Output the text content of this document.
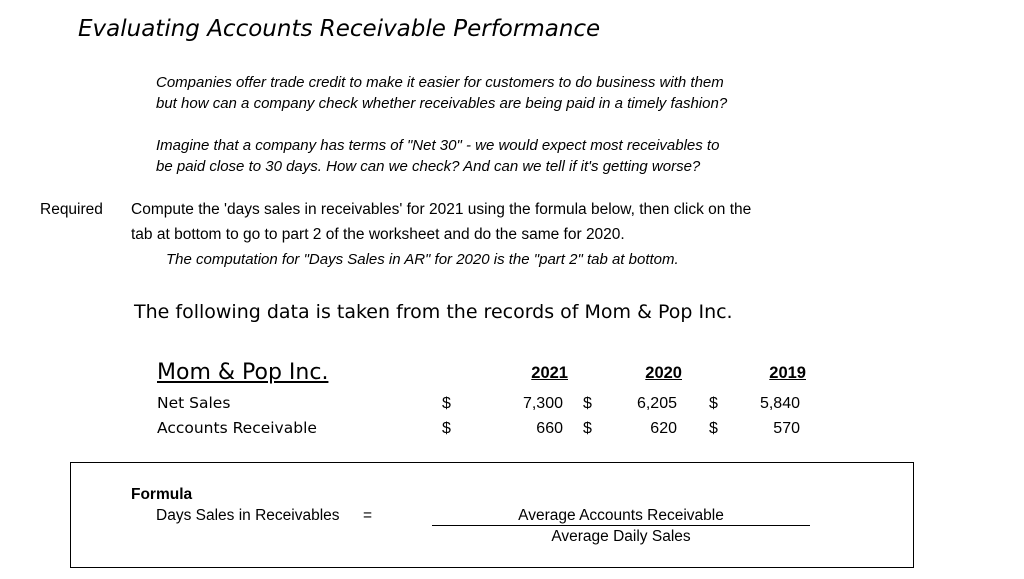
Evaluating Accounts Receivable Performance
Companies offer trade credit to make it easier for customers to do business with them
but how can a company check whether receivables are being paid in a timely fashion?
Imagine that a company has terms of "Net 30" - we would expect most receivables to
be paid close to 30 days. How can we check? And can we tell if it's getting worse?
Required Compute the 'days sales in receivables' for 2021 using the formula below, then click on the
tab at bottom to go to part 2 of the worksheet and do the same for 2020.
The computation for "Days Sales in AR" for 2020 is the "part 2" tab at bottom.
The following data is taken from the records of Mom & Pop Inc.
Mom & Pop Inc.	2021	2020	2019
Net Sales	$	7,300 $	6,205 $	5,840
Accounts Receivable	$	660 $	620 $	570
Formula
Days Sales in Receivables =	Average Accounts Receivable
Average Daily Sales
